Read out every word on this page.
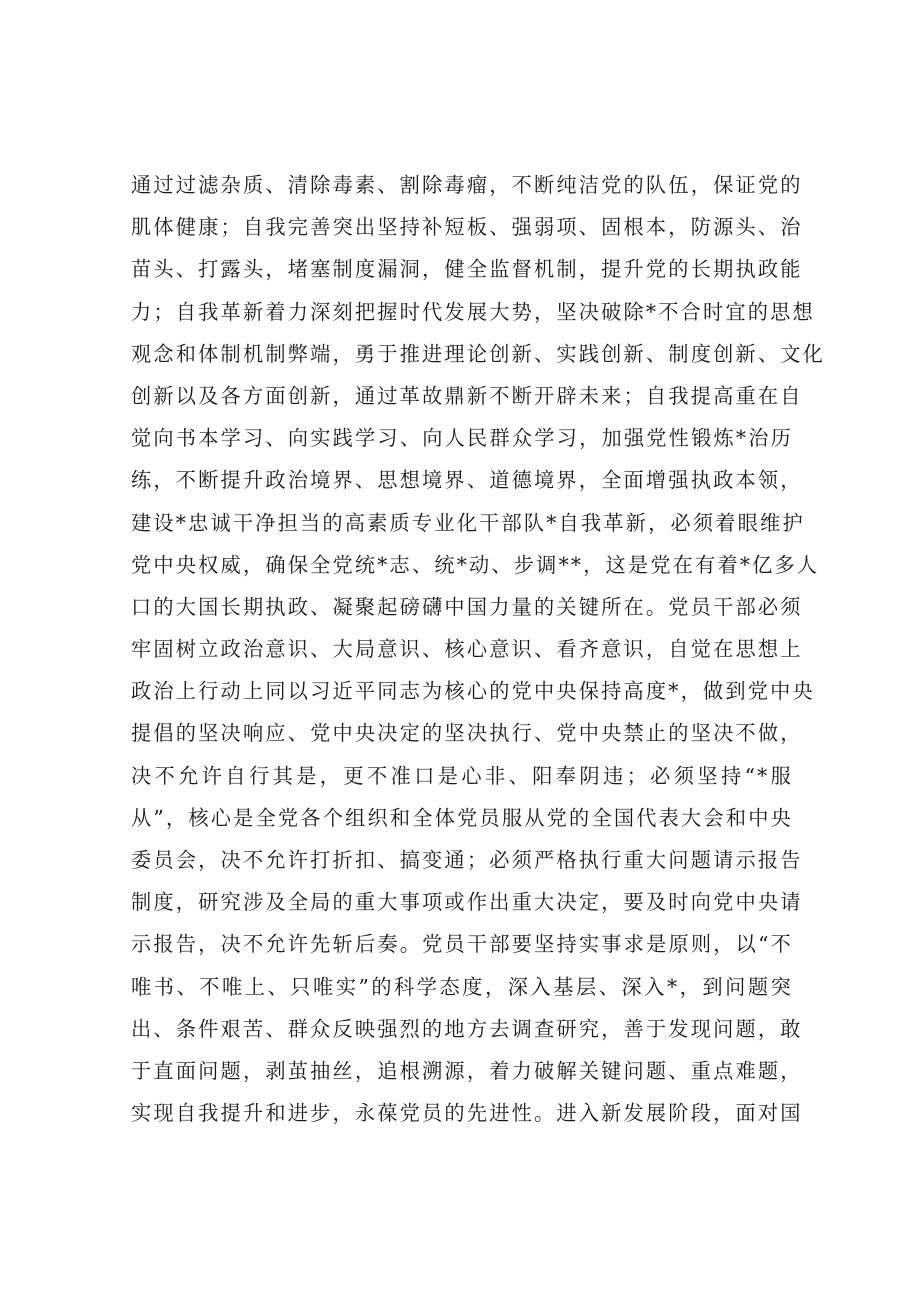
通过过滤杂质、清除毒素、割除毒瘤，不断纯洁党的队伍，保证党的
肌体健康；自我完善突出坚持补短板、强弱项、固根本，防源头、治
苗头、打露头，堵塞制度漏洞，健全监督机制，提升党的长期执政能
力；自我革新着力深刻把握时代发展大势，坚决破除*不合时宜的思想
观念和体制机制弊端，勇于推进理论创新、实践创新、制度创新、文化
创新以及各方面创新，通过革故鼎新不断开辟未来；自我提高重在自
觉向书本学习、向实践学习、向人民群众学习，加强党性锻炼*治历
练，不断提升政治境界、思想境界、道德境界，全面增强执政本领，
建设*忠诚干净担当的高素质专业化干部队*自我革新，必须着眼维护
党中央权威，确保全党统*志、统*动、步调**，这是党在有着*亿多人
口的大国长期执政、凝聚起磅礴中国力量的关键所在。党员干部必须
牢固树立政治意识、大局意识、核心意识、看齐意识，自觉在思想上
政治上行动上同以习近平同志为核心的党中央保持高度*，做到党中央
提倡的坚决响应、党中央决定的坚决执行、党中央禁止的坚决不做，
决不允许自行其是，更不准口是心非、阳奉阴违；必须坚持“*服
从”，核心是全党各个组织和全体党员服从党的全国代表大会和中央
委员会，决不允许打折扣、搞变通；必须严格执行重大问题请示报告
制度，研究涉及全局的重大事项或作出重大决定，要及时向党中央请
示报告，决不允许先斩后奏。党员干部要坚持实事求是原则，以“不
唯书、不唯上、只唯实”的科学态度，深入基层、深入*，到问题突
出、条件艰苦、群众反映强烈的地方去调查研究，善于发现问题，敢
于直面问题，剥茧抽丝，追根溯源，着力破解关键问题、重点难题，
实现自我提升和进步，永葆党员的先进性。进入新发展阶段，面对国
